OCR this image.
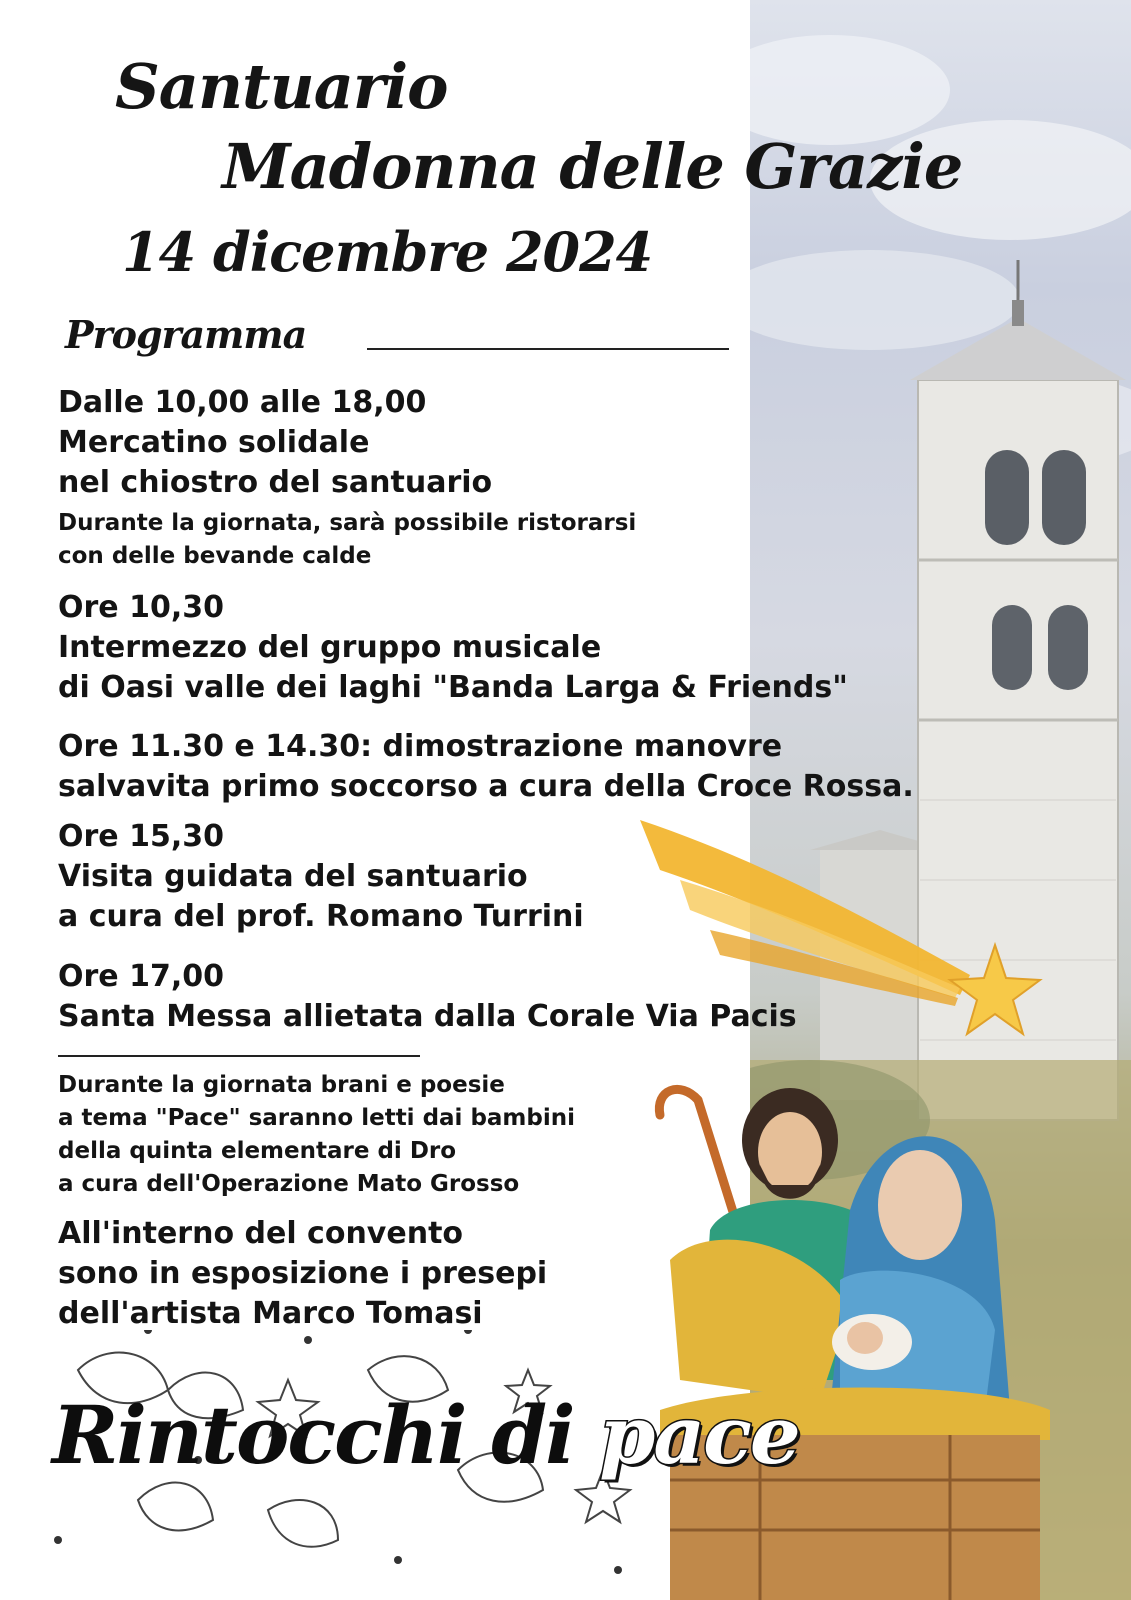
Santuario
Madonna delle Grazie
14 dicembre 2024
Programma
Dalle 10,00 alle 18,00
Mercatino solidale
nel chiostro del santuario
Durante la giornata, sarà possibile ristorarsi
con delle bevande calde
Ore 10,30
Intermezzo del gruppo musicale
di Oasi valle dei laghi "Banda Larga & Friends"
Ore 11.30 e 14.30: dimostrazione manovre
salvavita primo soccorso a cura della Croce Rossa.
Ore 15,30
Visita guidata del santuario
a cura del prof. Romano Turrini
Ore 17,00
Santa Messa allietata dalla Corale Via Pacis
Durante la giornata brani e poesie
a tema "Pace" saranno letti dai bambini
della quinta elementare di Dro
a cura dell'Operazione Mato Grosso
All'interno del convento
sono in esposizione i presepi
dell'artista Marco Tomasi
Rintocchi di pace
